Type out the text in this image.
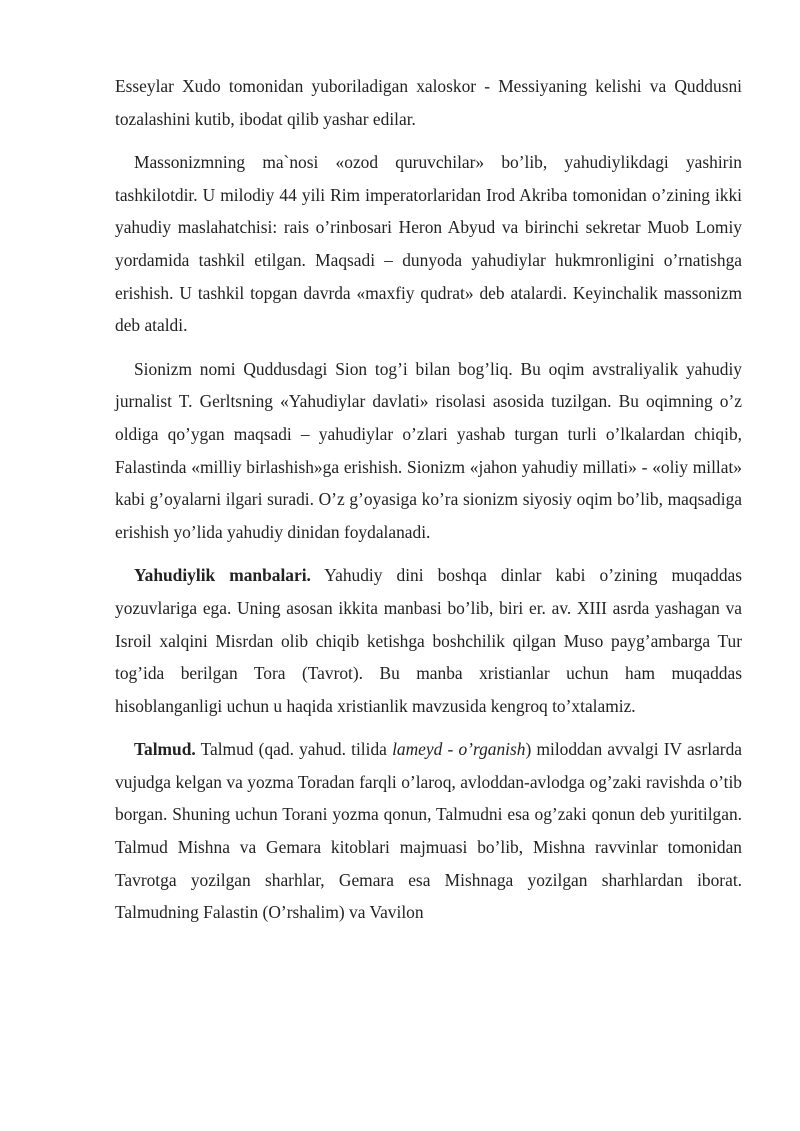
Esseylar Xudo tomonidan yuboriladigan xaloskor - Messiyaning kelishi va Quddusni tozalashini kutib, ibodat qilib yashar edilar.

Massonizmning ma`nosi «ozod quruvchilar» bo’lib, yahudiylikdagi yashirin tashkilotdir. U milodiy 44 yili Rim imperatorlaridan Irod Akriba tomonidan o’zining ikki yahudiy maslahatchisi: rais o’rinbosari Heron Abyud va birinchi sekretar Muob Lomiy yordamida tashkil etilgan. Maqsadi – dunyoda yahudiylar hukmronligini o’rnatishga erishish. U tashkil topgan davrda «maxfiy qudrat» deb atalardi. Keyinchalik massonizm deb ataldi.

Sionizm nomi Quddusdagi Sion tog’i bilan bog’liq. Bu oqim avstraliyalik yahudiy jurnalist T. Gerltsning «Yahudiylar davlati» risolasi asosida tuzilgan. Bu oqimning o’z oldiga qo’ygan maqsadi – yahudiylar o’zlari yashab turgan turli o’lkalardan chiqib, Falastinda «milliy birlashish»ga erishish. Sionizm «jahon yahudiy millati» - «oliy millat» kabi g’oyalarni ilgari suradi. O’z g’oyasiga ko’ra sionizm siyosiy oqim bo’lib, maqsadiga erishish yo’lida yahudiy dinidan foydalanadi.

Yahudiylik manbalari. Yahudiy dini boshqa dinlar kabi o’zining muqaddas yozuvlariga ega. Uning asosan ikkita manbasi bo’lib, biri er. av. XIII asrda yashagan va Isroil xalqini Misrdan olib chiqib ketishga boshchilik qilgan Muso payg’ambarga Tur tog’ida berilgan Tora (Tavrot). Bu manba xristianlar uchun ham muqaddas hisoblanganligi uchun u haqida xristianlik mavzusida kengroq to’xtalamiz.

Talmud. Talmud (qad. yahud. tilida lameyd - o’rganish) miloddan avvalgi IV asrlarda vujudga kelgan va yozma Toradan farqli o’laroq, avloddan-avlodga og’zaki ravishda o’tib borgan. Shuning uchun Torani yozma qonun, Talmudni esa og’zaki qonun deb yuritilgan. Talmud Mishna va Gemara kitoblari majmuasi bo’lib, Mishna ravvinlar tomonidan Tavrotga yozilgan sharhlar, Gemara esa Mishnaga yozilgan sharhlardan iborat. Talmudning Falastin (O’rshalim) va Vavilon
